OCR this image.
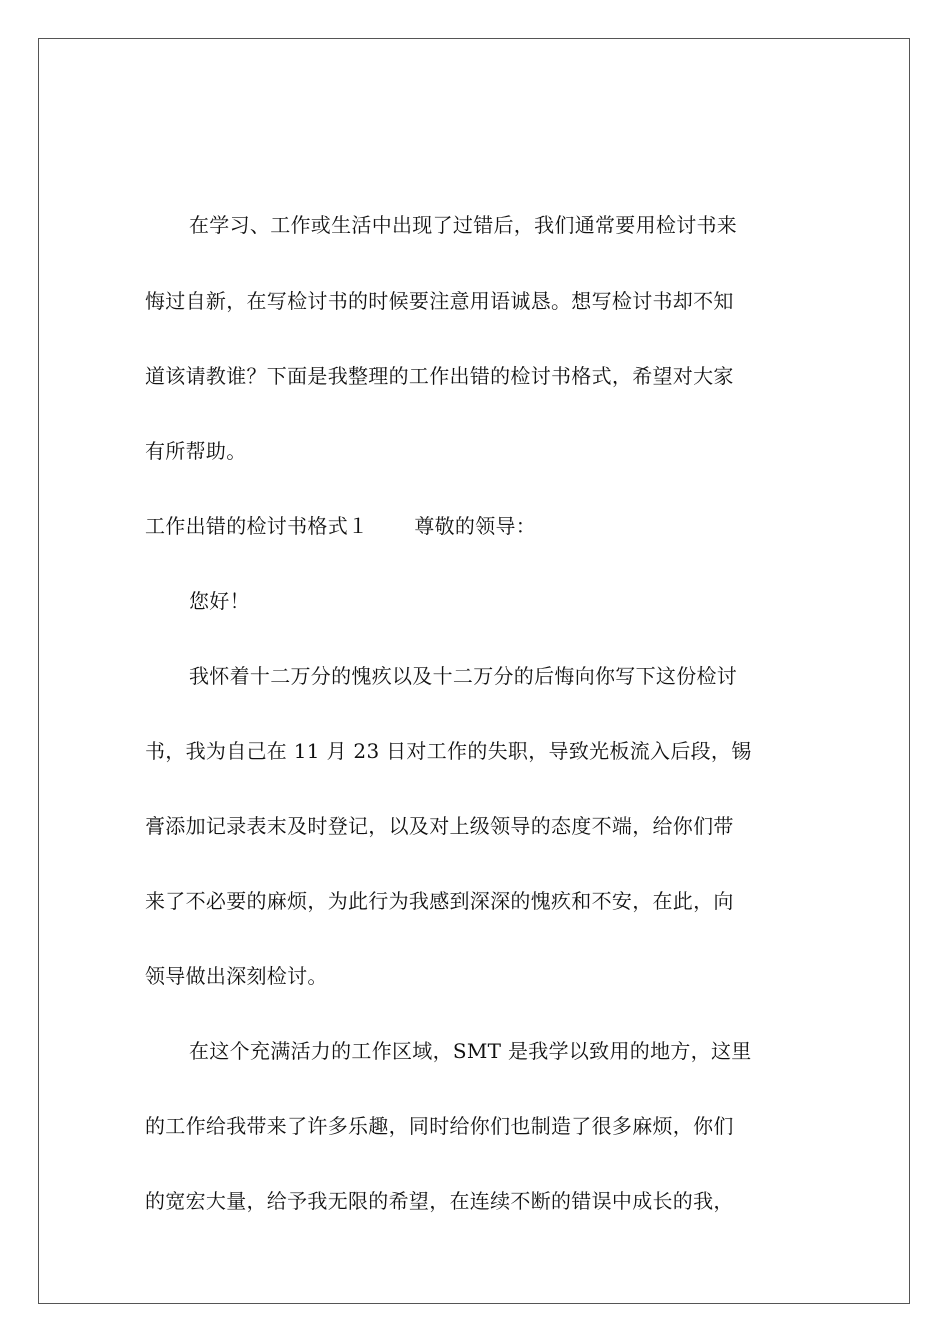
在学习、工作或生活中出现了过错后，我们通常要用检讨书来
悔过自新，在写检讨书的时候要注意用语诚恳。想写检讨书却不知
道该请教谁？下面是我整理的工作出错的检讨书格式，希望对大家
有所帮助。
工作出错的检讨书格式１ 尊敬的领导：
您好！
我怀着十二万分的愧疚以及十二万分的后悔向你写下这份检讨
书，我为自己在 11 月 23 日对工作的失职，导致光板流入后段，锡
膏添加记录表末及时登记，以及对上级领导的态度不端，给你们带
来了不必要的麻烦，为此行为我感到深深的愧疚和不安，在此，向
领导做出深刻检讨。
在这个充满活力的工作区域，SMT 是我学以致用的地方，这里
的工作给我带来了许多乐趣，同时给你们也制造了很多麻烦，你们
的宽宏大量，给予我无限的希望，在连续不断的错误中成长的我，
